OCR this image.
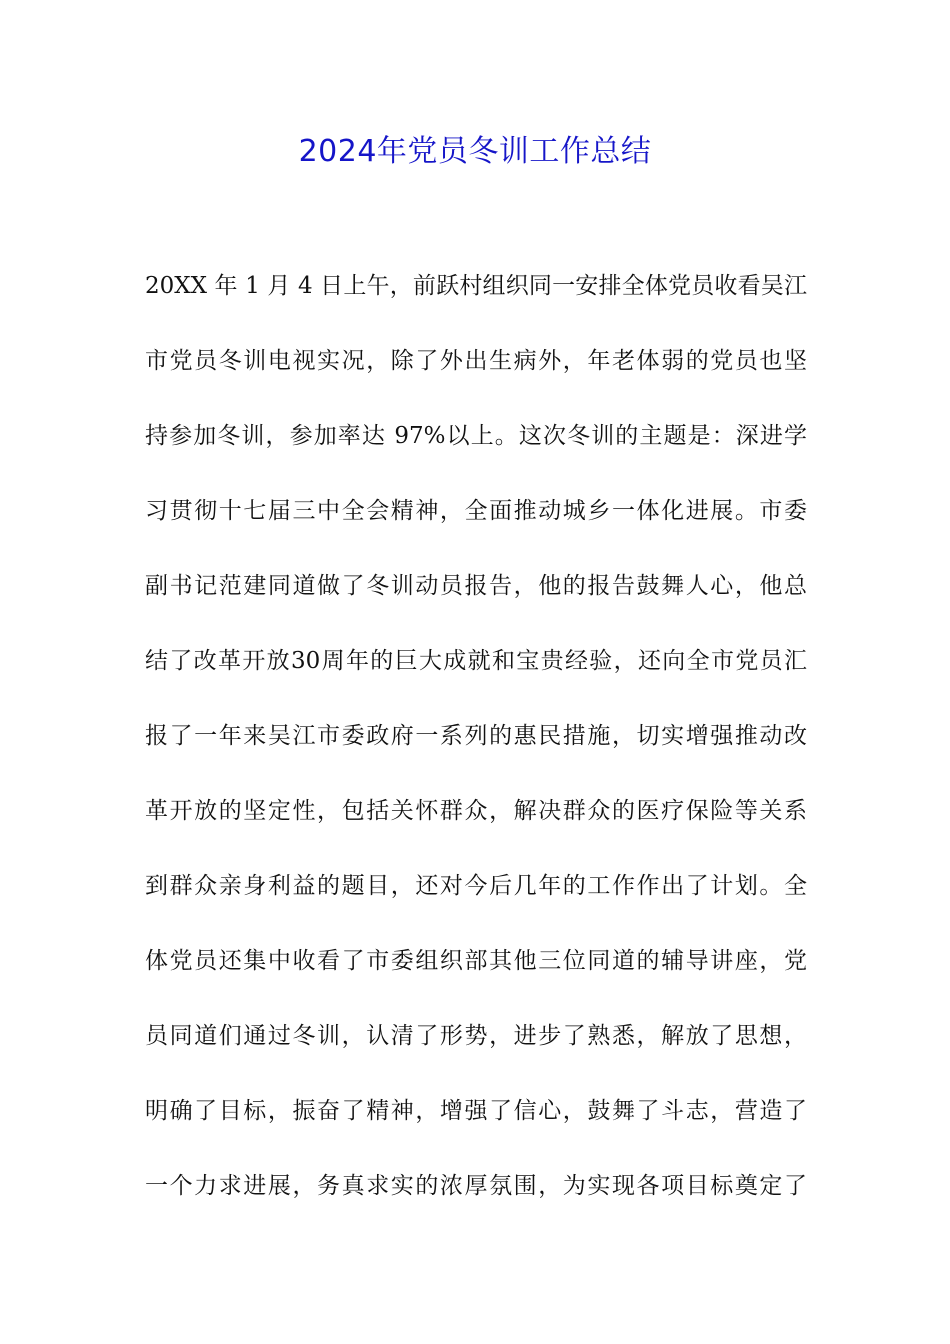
2024年党员冬训工作总结
20XX 年 1 月 4 日上午，前跃村组织同一安排全体党员收看吴江
市党员冬训电视实况，除了外出生病外，年老体弱的党员也坚
持参加冬训，参加率达 97%以上。这次冬训的主题是：深进学
习贯彻十七届三中全会精神，全面推动城乡一体化进展。市委
副书记范建同道做了冬训动员报告，他的报告鼓舞人心，他总
结了改革开放30周年的巨大成就和宝贵经验，还向全市党员汇
报了一年来吴江市委政府一系列的惠民措施，切实增强推动改
革开放的坚定性，包括关怀群众，解决群众的医疗保险等关系
到群众亲身利益的题目，还对今后几年的工作作出了计划。全
体党员还集中收看了市委组织部其他三位同道的辅导讲座，党
员同道们通过冬训，认清了形势，进步了熟悉，解放了思想，
明确了目标，振奋了精神，增强了信心，鼓舞了斗志，营造了
一个力求进展，务真求实的浓厚氛围，为实现各项目标奠定了
